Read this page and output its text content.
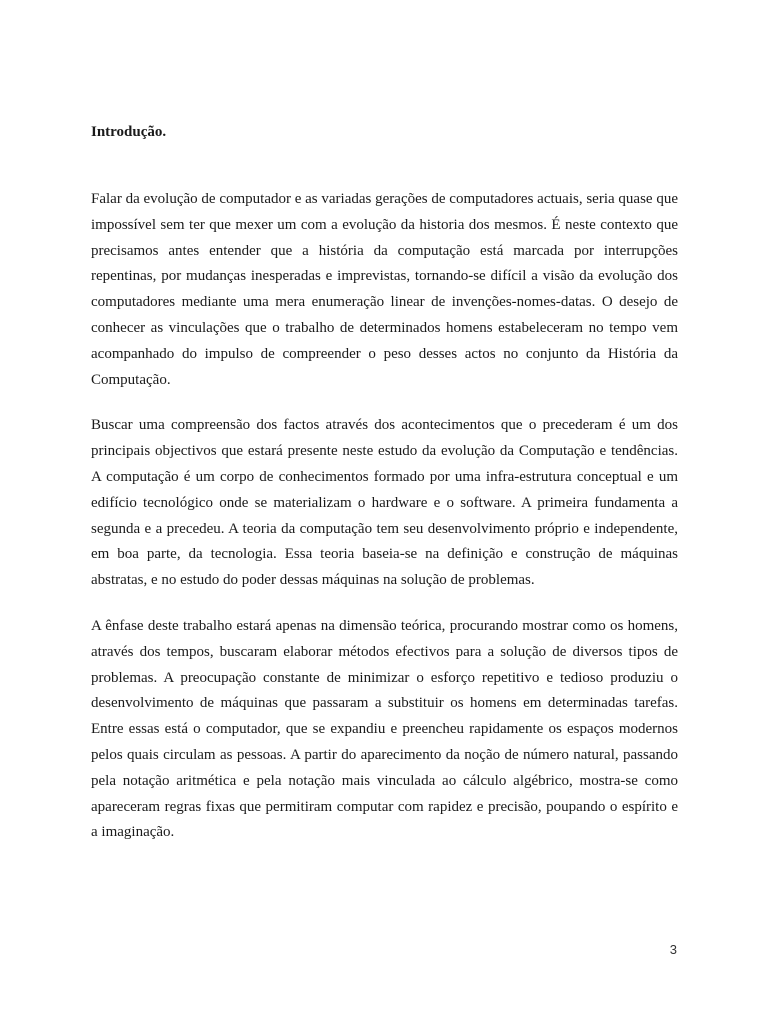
Introdução.

Falar da evolução de computador e as variadas gerações de computadores actuais, seria quase que impossível sem ter que mexer um com a evolução da historia dos mesmos. É neste contexto que precisamos antes entender que a história da computação está marcada por interrupções repentinas, por mudanças inesperadas e imprevistas, tornando-se difícil a visão da evolução dos computadores mediante uma mera enumeração linear de invenções-nomes-datas. O desejo de conhecer as vinculações que o trabalho de determinados homens estabeleceram no tempo vem acompanhado do impulso de compreender o peso desses actos no conjunto da História da Computação.

Buscar uma compreensão dos factos através dos acontecimentos que o precederam é um dos principais objectivos que estará presente neste estudo da evolução da Computação e tendências. A computação é um corpo de conhecimentos formado por uma infra-estrutura conceptual e um edifício tecnológico onde se materializam o hardware e o software. A primeira fundamenta a segunda e a precedeu. A teoria da computação tem seu desenvolvimento próprio e independente, em boa parte, da tecnologia. Essa teoria baseia-se na definição e construção de máquinas abstratas, e no estudo do poder dessas máquinas na solução de problemas.

A ênfase deste trabalho estará apenas na dimensão teórica, procurando mostrar como os homens, através dos tempos, buscaram elaborar métodos efectivos para a solução de diversos tipos de problemas. A preocupação constante de minimizar o esforço repetitivo e tedioso produziu o desenvolvimento de máquinas que passaram a substituir os homens em determinadas tarefas. Entre essas está o computador, que se expandiu e preencheu rapidamente os espaços modernos pelos quais circulam as pessoas. A partir do aparecimento da noção de número natural, passando pela notação aritmética e pela notação mais vinculada ao cálculo algébrico, mostra-se como apareceram regras fixas que permitiram computar com rapidez e precisão, poupando o espírito e a imaginação.

3
